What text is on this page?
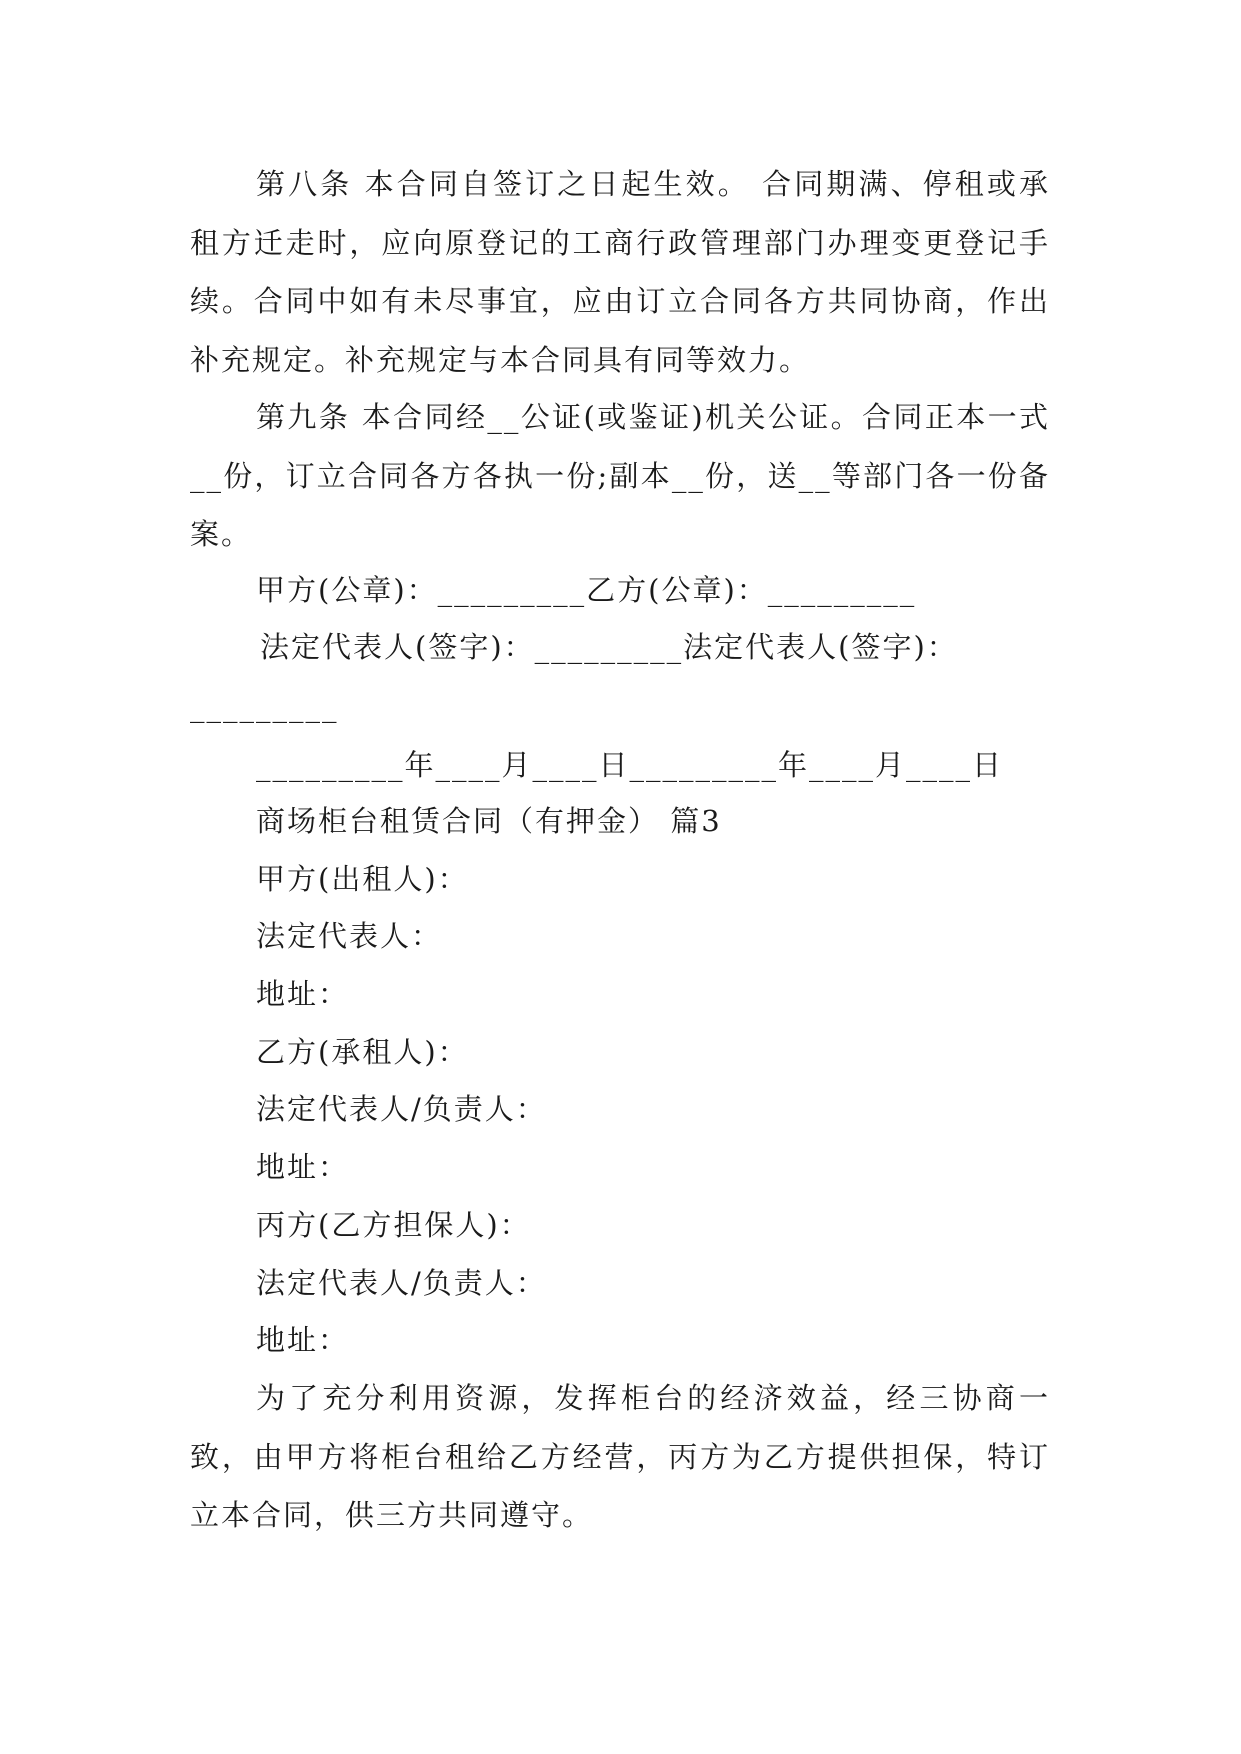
第八条 本合同自签订之日起生效。 合同期满、停租或承租方迁走时，应向原登记的工商行政管理部门办理变更登记手续。合同中如有未尽事宜，应由订立合同各方共同协商，作出补充规定。补充规定与本合同具有同等效力。

第九条 本合同经__公证(或鉴证)机关公证。合同正本一式__份，订立合同各方各执一份;副本__份，送__等部门各一份备案。

甲方(公章)：_________乙方(公章)：_________
法定代表人(签字)：_________法定代表人(签字)：
_________
_________年____月____日_________年____月____日
商场柜台租赁合同（有押金） 篇3
甲方(出租人)：
法定代表人：
地址：
乙方(承租人)：
法定代表人/负责人：
地址：
丙方(乙方担保人)：
法定代表人/负责人：
地址：

为了充分利用资源，发挥柜台的经济效益，经三协商一致，由甲方将柜台租给乙方经营，丙方为乙方提供担保，特订立本合同，供三方共同遵守。
